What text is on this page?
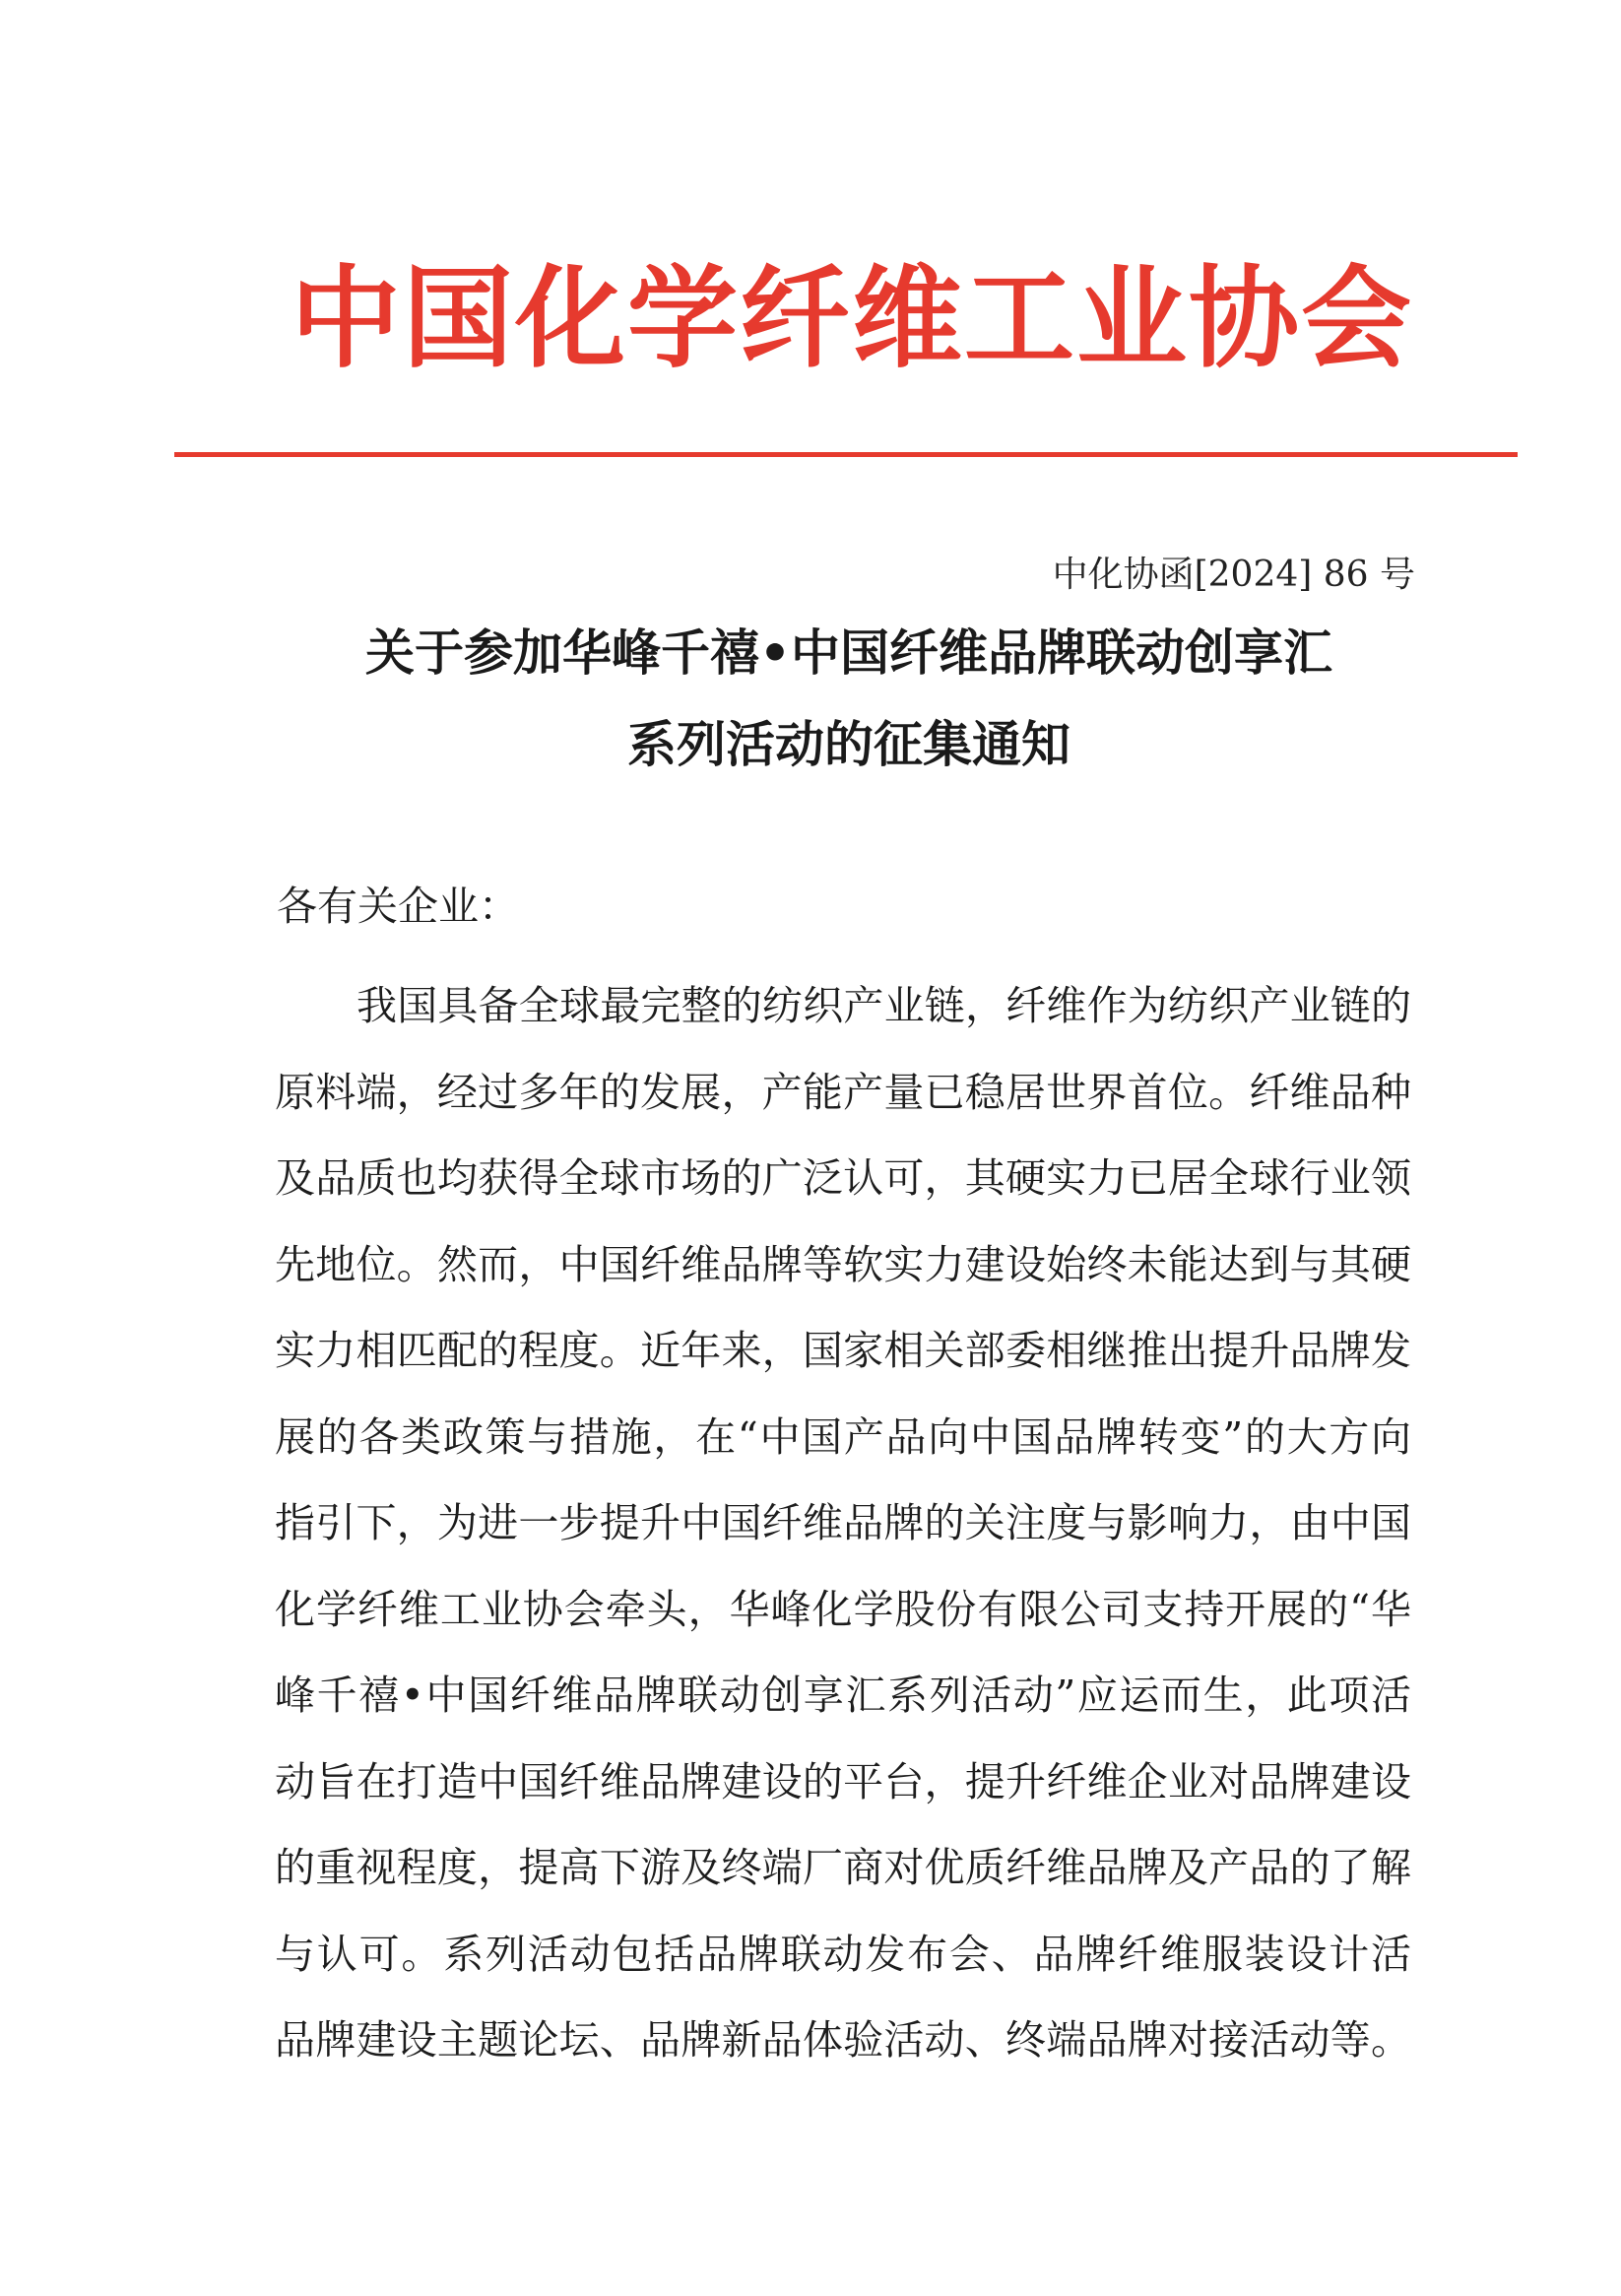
中国化学纤维工业协会
中化协函[2024] 86 号
关于参加华峰千禧•中国纤维品牌联动创享汇
系列活动的征集通知
各有关企业：
我国具备全球最完整的纺织产业链，纤维作为纺织产业链的
原料端，经过多年的发展，产能产量已稳居世界首位。纤维品种
及品质也均获得全球市场的广泛认可，其硬实力已居全球行业领
先地位。然而，中国纤维品牌等软实力建设始终未能达到与其硬
实力相匹配的程度。近年来，国家相关部委相继推出提升品牌发
展的各类政策与措施，在“中国产品向中国品牌转变”的大方向
指引下，为进一步提升中国纤维品牌的关注度与影响力，由中国
化学纤维工业协会牵头，华峰化学股份有限公司支持开展的“华
峰千禧•中国纤维品牌联动创享汇系列活动”应运而生，此项活
动旨在打造中国纤维品牌建设的平台，提升纤维企业对品牌建设
的重视程度，提高下游及终端厂商对优质纤维品牌及产品的了解
与认可。系列活动包括品牌联动发布会、品牌纤维服装设计活
品牌建设主题论坛、品牌新品体验活动、终端品牌对接活动等。
